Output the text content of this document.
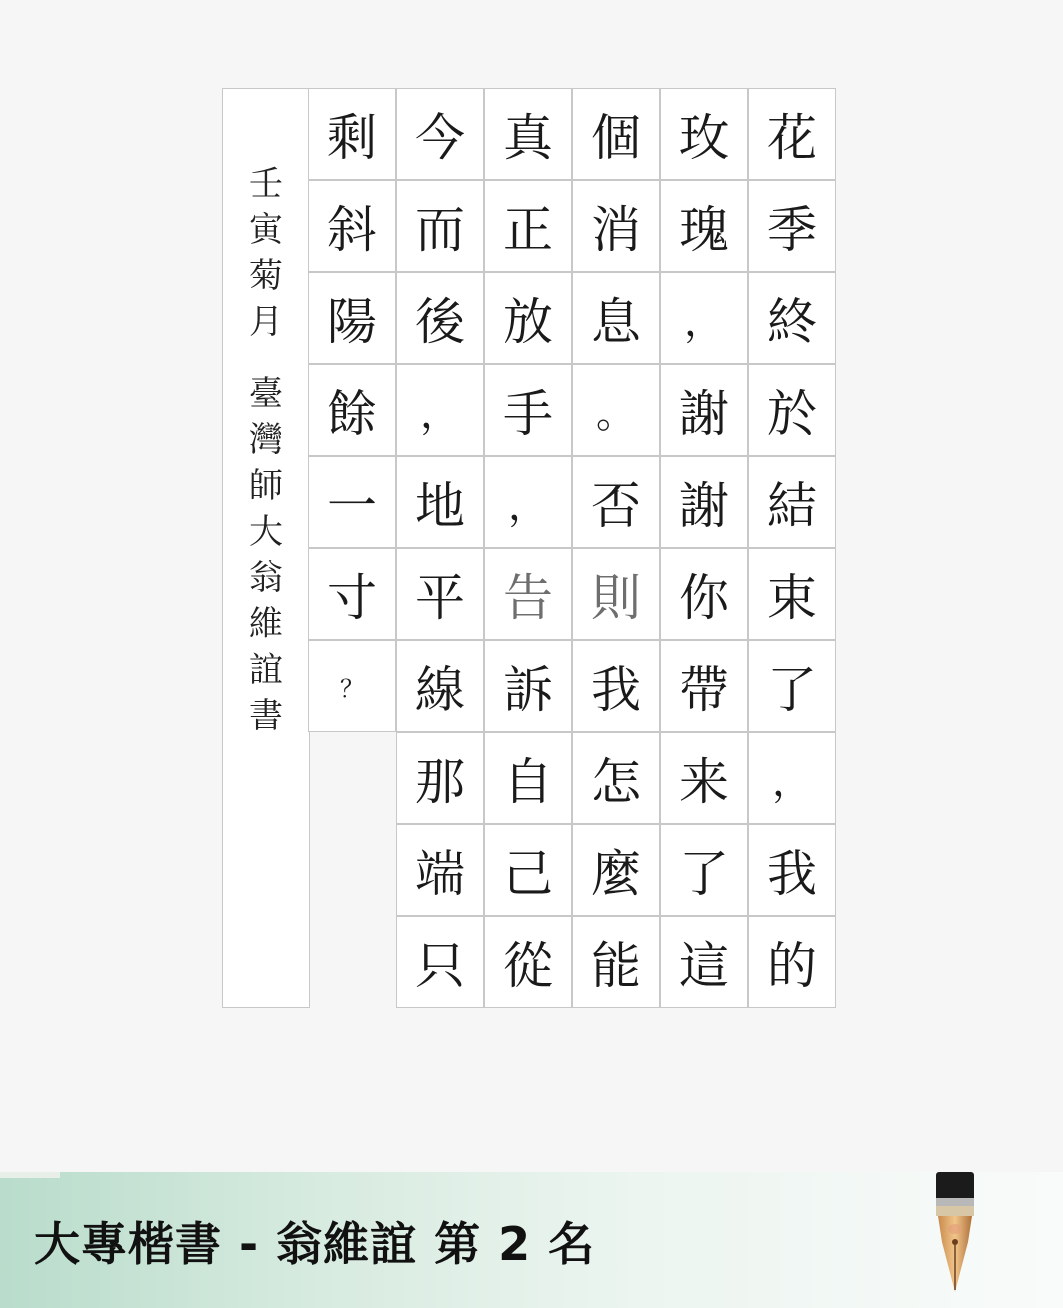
壬
寅
菊
月
臺
灣
師
大
翁
維
誼
書
花
季
終
於
結
束
了
，
我
的
玫
瑰
，
謝
謝
你
帶
来
了
這
個
消
息
。
否
則
我
怎
麼
能
真
正
放
手
，
告
訴
自
己
從
今
而
後
，
地
平
線
那
端
只
剩
斜
陽
餘
一
寸
？
大專楷書 - 翁維誼 第 2 名
